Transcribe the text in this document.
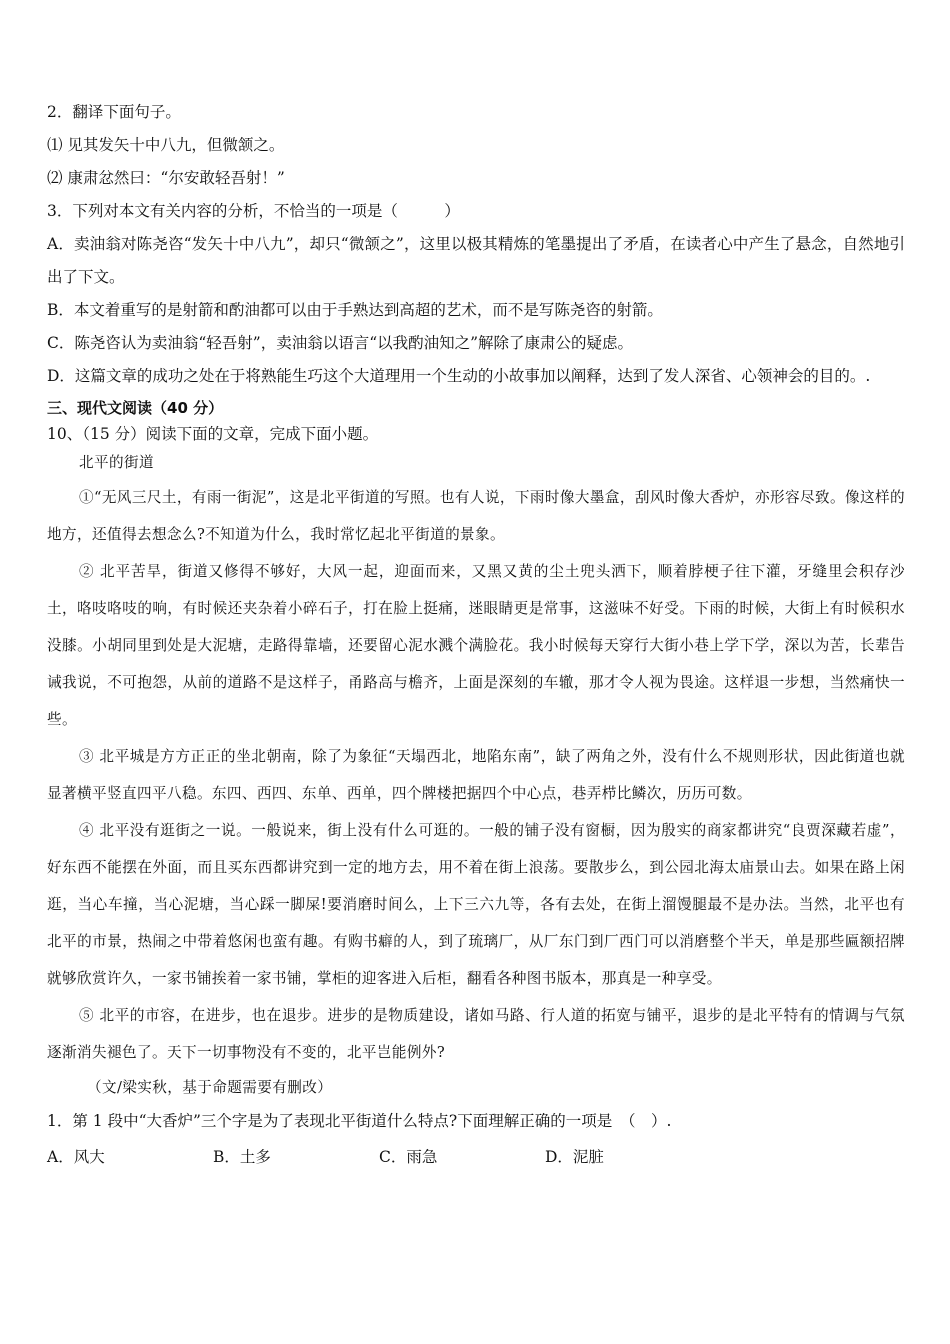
2．翻译下面句子。

⑴ 见其发矢十中八九，但微颔之。

⑵ 康肃忿然曰：“尔安敢轻吾射！”

3．下列对本文有关内容的分析，不恰当的一项是（　　　）

A．卖油翁对陈尧咨“发矢十中八九”，却只“微颔之”，这里以极其精炼的笔墨提出了矛盾，在读者心中产生了悬念，自然地引出了下文。

B．本文着重写的是射箭和酌油都可以由于手熟达到高超的艺术，而不是写陈尧咨的射箭。

C．陈尧咨认为卖油翁“轻吾射”，卖油翁以语言“以我酌油知之”解除了康肃公的疑虑。

D．这篇文章的成功之处在于将熟能生巧这个大道理用一个生动的小故事加以阐释，达到了发人深省、心领神会的目的。.

三、现代文阅读（40 分）

10、（15 分）阅读下面的文章，完成下面小题。

北平的街道

①“无风三尺土，有雨一街泥”，这是北平街道的写照。也有人说，下雨时像大墨盒，刮风时像大香炉，亦形容尽致。像这样的地方，还值得去想念么?不知道为什么，我时常忆起北平街道的景象。

② 北平苦旱，街道又修得不够好，大风一起，迎面而来，又黑又黄的尘土兜头洒下，顺着脖梗子往下灌，牙缝里会积存沙土，咯吱咯吱的响，有时候还夹杂着小碎石子，打在脸上挺痛，迷眼睛更是常事，这滋味不好受。下雨的时候，大街上有时候积水没膝。小胡同里到处是大泥塘，走路得靠墙，还要留心泥水溅个满脸花。我小时候每天穿行大街小巷上学下学，深以为苦，长辈告诫我说，不可抱怨，从前的道路不是这样子，甬路高与檐齐，上面是深刻的车辙，那才令人视为畏途。这样退一步想，当然痛快一些。

③ 北平城是方方正正的坐北朝南，除了为象征“天塌西北，地陷东南”，缺了两角之外，没有什么不规则形状，因此街道也就显著横平竖直四平八稳。东四、西四、东单、西单，四个牌楼把据四个中心点，巷弄栉比鳞次，历历可数。

④ 北平没有逛街之一说。一般说来，街上没有什么可逛的。一般的铺子没有窗橱，因为殷实的商家都讲究“良贾深藏若虚”，好东西不能摆在外面，而且买东西都讲究到一定的地方去，用不着在街上浪荡。要散步么，到公园北海太庙景山去。如果在路上闲逛，当心车撞，当心泥塘，当心踩一脚屎!要消磨时间么，上下三六九等，各有去处，在街上溜馒腿最不是办法。当然，北平也有北平的市景，热闹之中带着悠闲也蛮有趣。有购书癖的人，到了琉璃厂，从厂东门到厂西门可以消磨整个半天，单是那些匾额招牌就够欣赏许久，一家书铺挨着一家书铺，掌柜的迎客进入后柜，翻看各种图书版本，那真是一种享受。

⑤ 北平的市容，在进步，也在退步。进步的是物质建设，诸如马路、行人道的拓宽与铺平，退步的是北平特有的情调与气氛逐渐消失褪色了。天下一切事物没有不变的，北平岂能例外?

（文/梁实秋，基于命题需要有删改）

1．第 1 段中“大香炉”三个字是为了表现北平街道什么特点?下面理解正确的一项是　（　）.

A．风大	B．土多	C．雨急	D．泥脏
